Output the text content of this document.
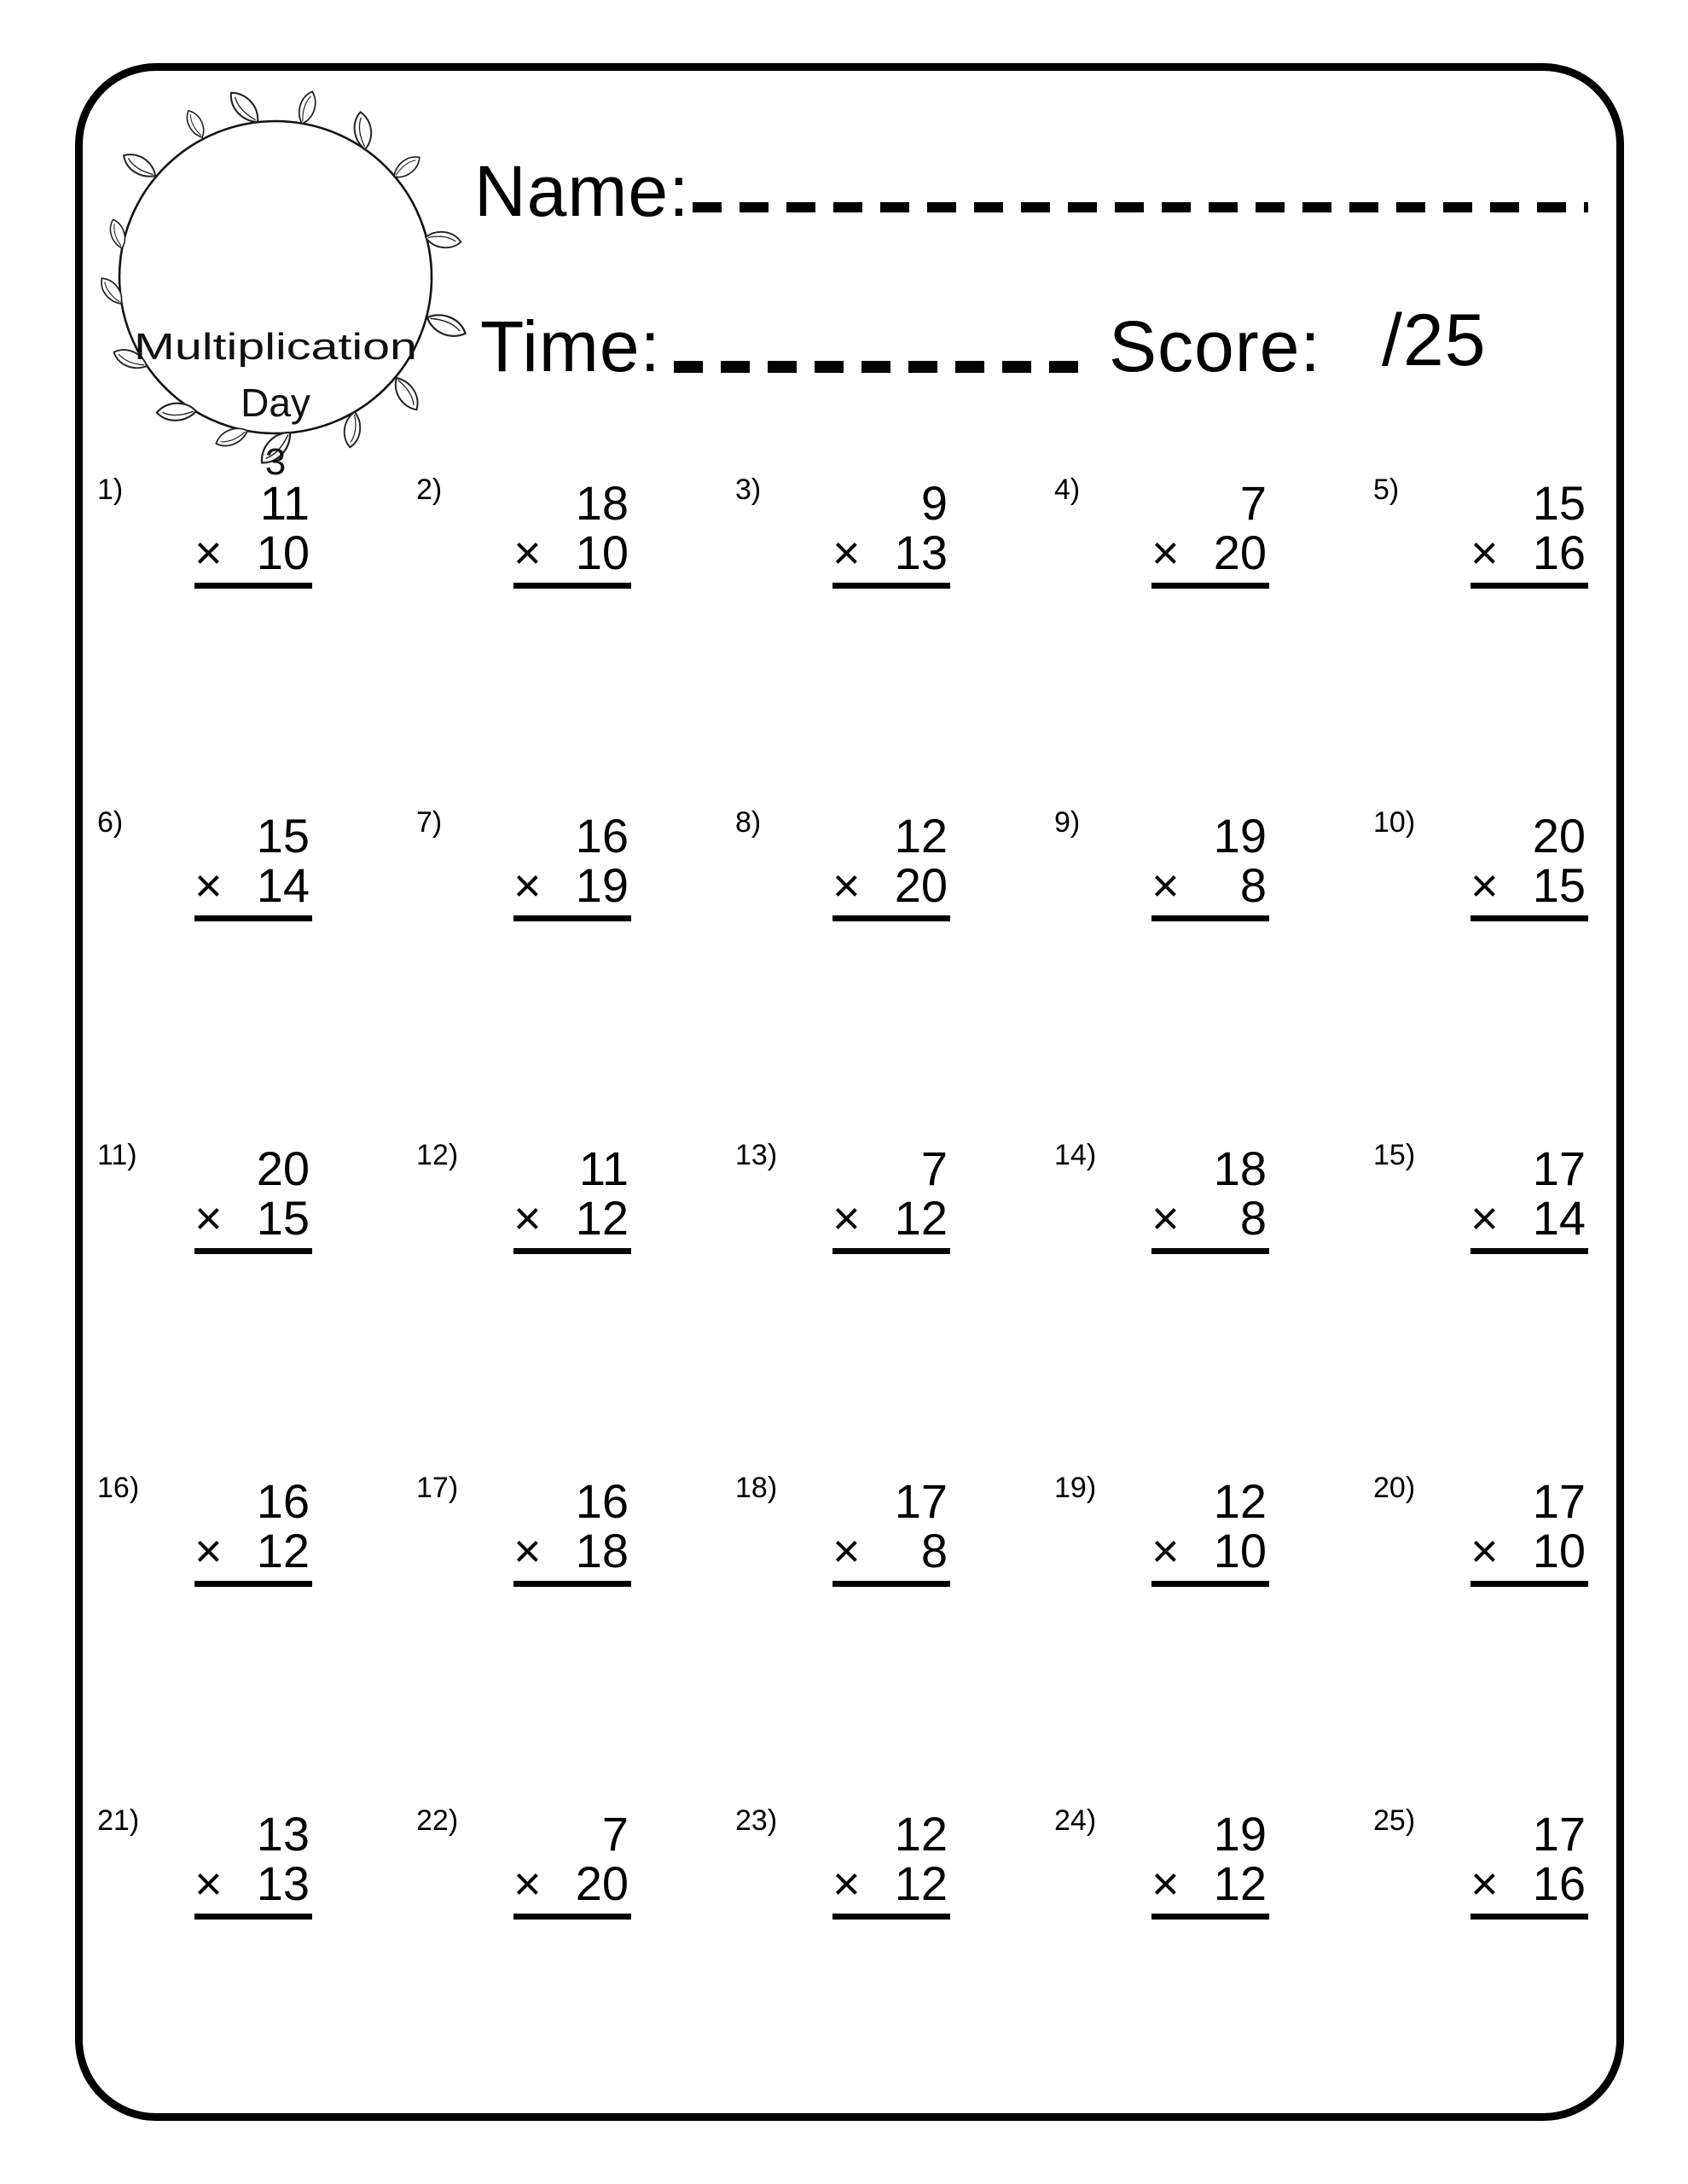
Multiplication
Day
3
Name:
Time:	Score: /25
1)	11
× 10
2)	18
× 10
3)	9
× 13
4)	7
× 20
5)	15
× 16
6)	15
× 14
7)	16
× 19
8)	12
× 20
9)	19
× 8
10)	20
× 15
11)	20
× 15
12)	11
× 12
13)	7
× 12
14)	18
× 8
15)	17
× 14
16)	16
× 12
17)	16
× 18
18)	17
× 8
19)	12
× 10
20)	17
× 10
21)	13
× 13
22)	7
× 20
23)	12
× 12
24)	19
× 12
25)	17
× 16
